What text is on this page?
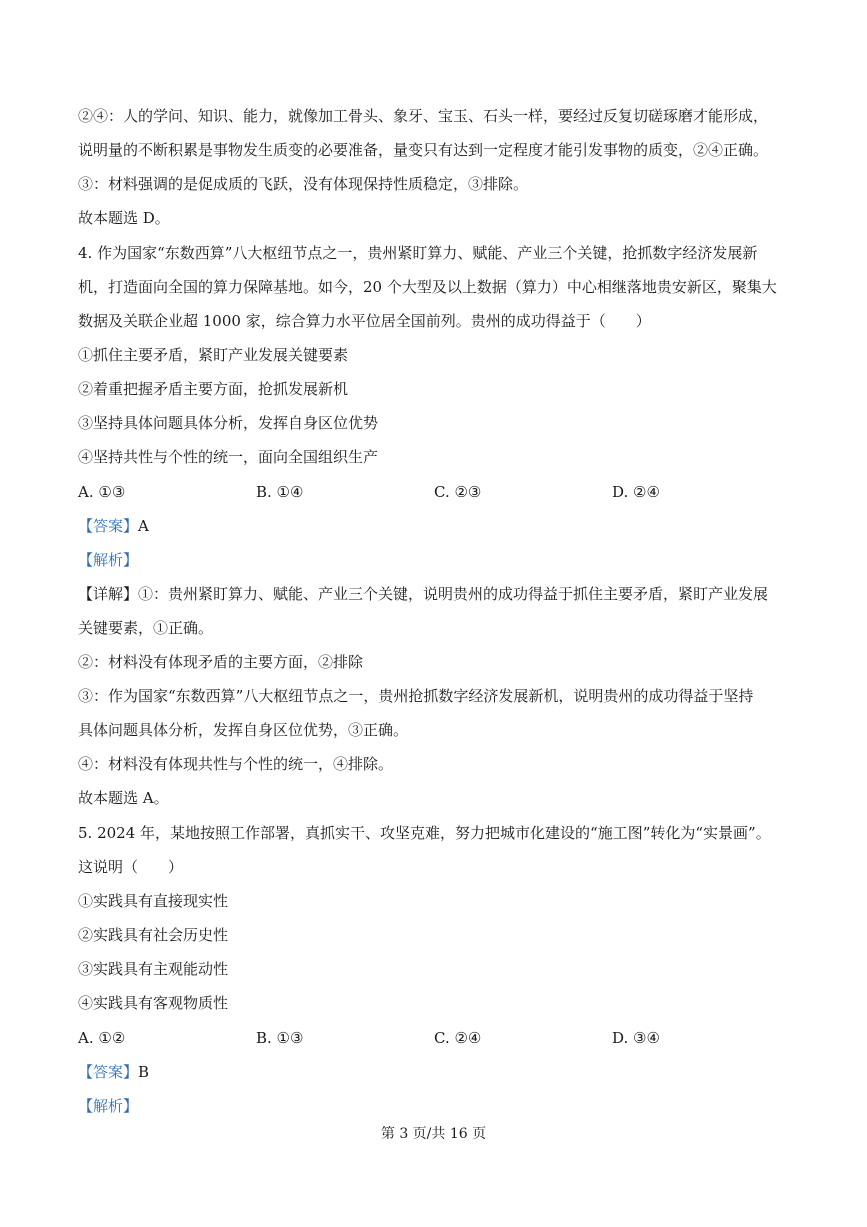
②④：人的学问、知识、能力，就像加工骨头、象牙、宝玉、石头一样，要经过反复切磋琢磨才能形成，
说明量的不断积累是事物发生质变的必要准备，量变只有达到一定程度才能引发事物的质变，②④正确。
③：材料强调的是促成质的飞跃，没有体现保持性质稳定，③排除。
故本题选 D。
4. 作为国家“东数西算”八大枢纽节点之一，贵州紧盯算力、赋能、产业三个关键，抢抓数字经济发展新
机，打造面向全国的算力保障基地。如今，20 个大型及以上数据（算力）中心相继落地贵安新区，聚集大
数据及关联企业超 1000 家，综合算力水平位居全国前列。贵州的成功得益于（　　）
①抓住主要矛盾，紧盯产业发展关键要素
②着重把握矛盾主要方面，抢抓发展新机
③坚持具体问题具体分析，发挥自身区位优势
④坚持共性与个性的统一，面向全国组织生产
A. ①③	B. ①④	C. ②③	D. ②④
【答案】A
【解析】
【详解】①：贵州紧盯算力、赋能、产业三个关键，说明贵州的成功得益于抓住主要矛盾，紧盯产业发展
关键要素，①正确。
②：材料没有体现矛盾的主要方面，②排除
③：作为国家“东数西算”八大枢纽节点之一，贵州抢抓数字经济发展新机，说明贵州的成功得益于坚持
具体问题具体分析，发挥自身区位优势，③正确。
④：材料没有体现共性与个性的统一，④排除。
故本题选 A。
5. 2024 年，某地按照工作部署，真抓实干、攻坚克难，努力把城市化建设的“施工图”转化为“实景画”。
这说明（　　）
①实践具有直接现实性
②实践具有社会历史性
③实践具有主观能动性
④实践具有客观物质性
A. ①②	B. ①③	C. ②④	D. ③④
【答案】B
【解析】
第 3 页/共 16 页
